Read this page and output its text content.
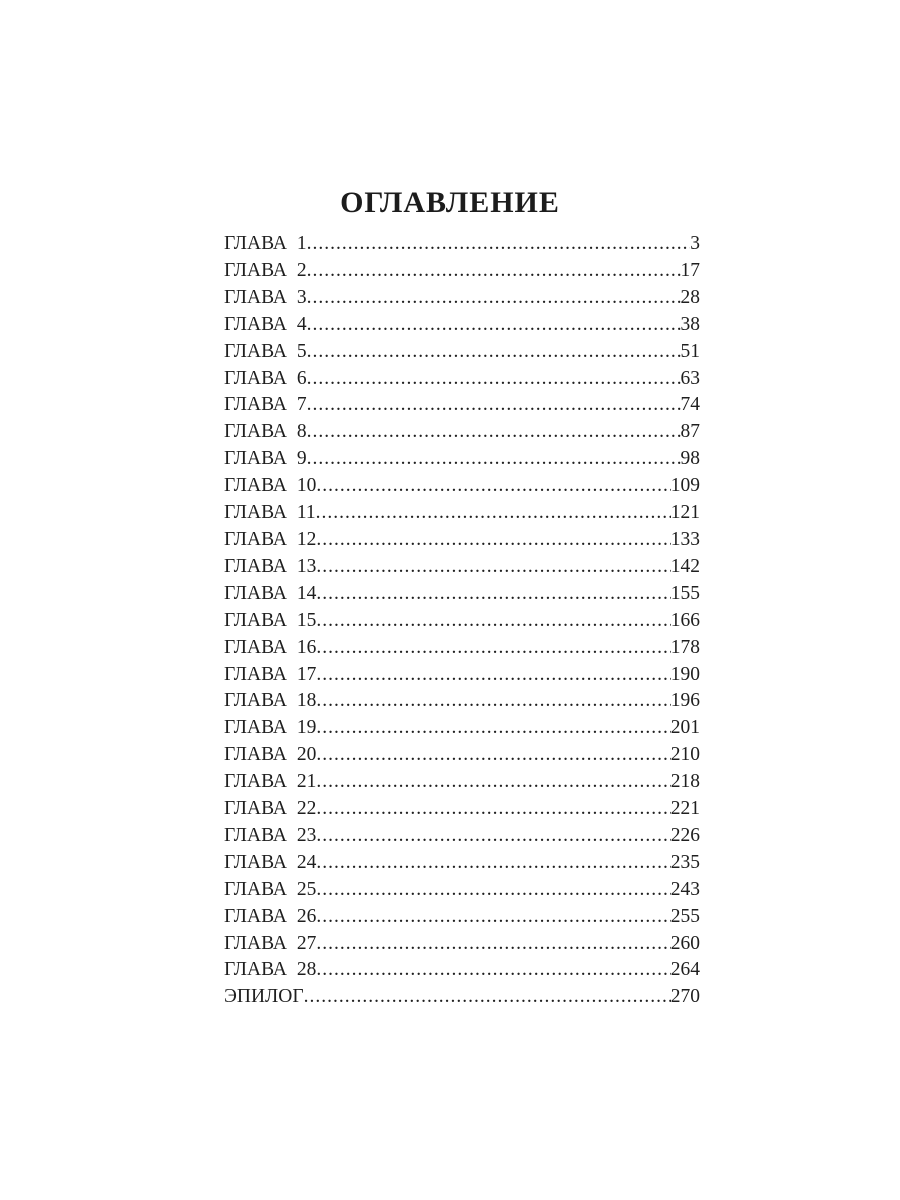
ОГЛАВЛЕНИЕ
ГЛАВА 1 .....	3
ГЛАВА 2 .....	17
ГЛАВА 3 .....	28
ГЛАВА 4 .....	38
ГЛАВА 5 .....	51
ГЛАВА 6 .....	63
ГЛАВА 7 .....	74
ГЛАВА 8 .....	87
ГЛАВА 9 .....	98
ГЛАВА 10 .....	109
ГЛАВА 11 .....	121
ГЛАВА 12 .....	133
ГЛАВА 13 .....	142
ГЛАВА 14 .....	155
ГЛАВА 15 .....	166
ГЛАВА 16 .....	178
ГЛАВА 17 .....	190
ГЛАВА 18 .....	196
ГЛАВА 19 .....	201
ГЛАВА 20 .....	210
ГЛАВА 21 .....	218
ГЛАВА 22 .....	221
ГЛАВА 23 .....	226
ГЛАВА 24 .....	235
ГЛАВА 25 .....	243
ГЛАВА 26 .....	255
ГЛАВА 27 .....	260
ГЛАВА 28 .....	264
ЭПИЛОГ .....	270
